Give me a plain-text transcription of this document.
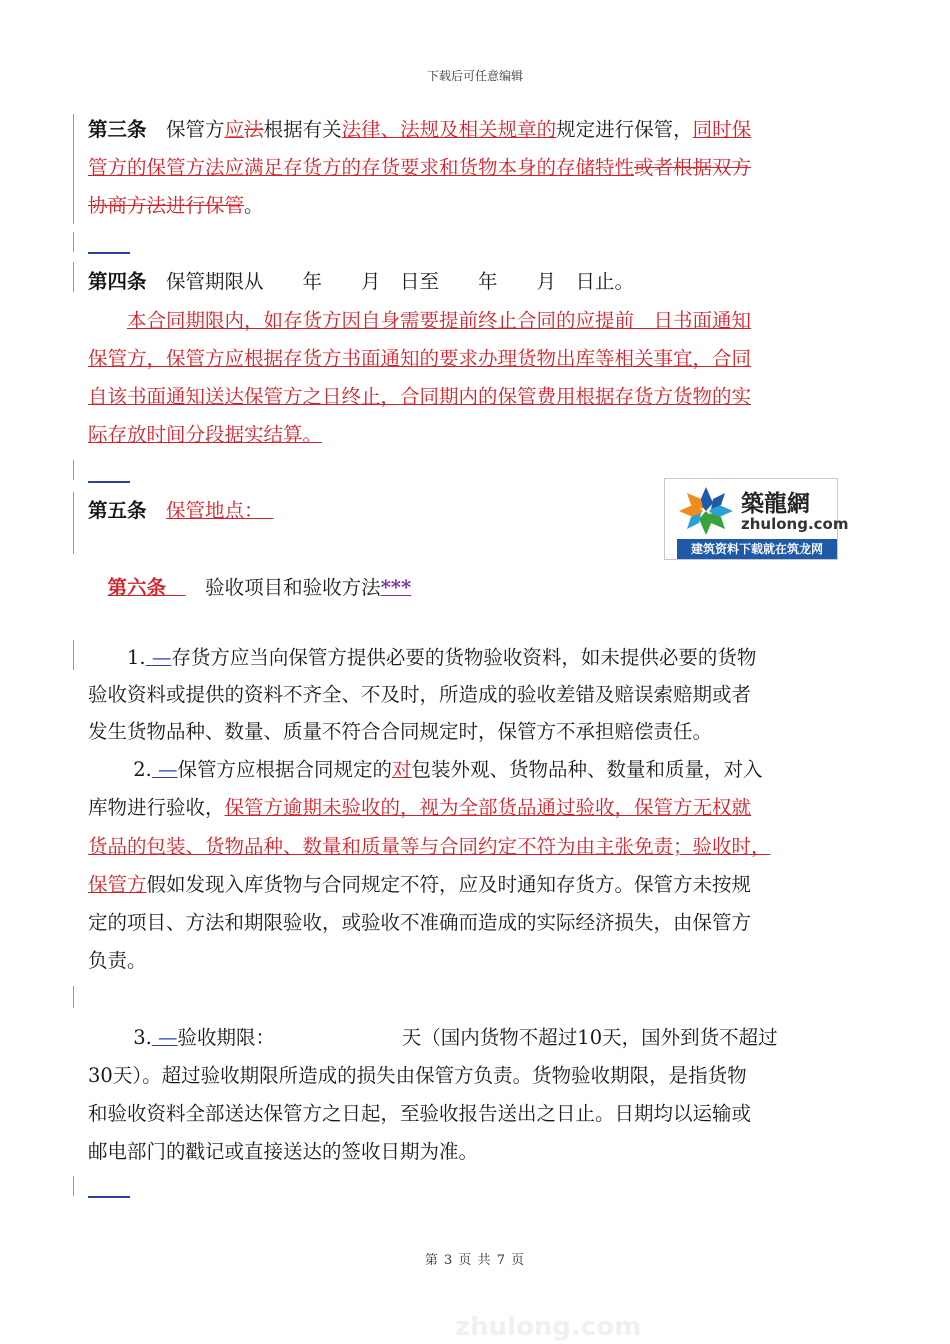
下载后可任意编辑
第三条　 保管方应法根据有关法律、法规及相关规章的规定进行保管，同时保
管方的保管方法应满足存货方的存货要求和货物本身的存储特性或者根据双方
协商方法进行保管。
第四条　 保管期限从　　年　　月　日至　　年　　月　日止。
　　本合同期限内，如存货方因自身需要提前终止合同的应提前　日书面通知
保管方，保管方应根据存货方书面通知的要求办理货物出库等相关事宜，合同
自该书面通知送达保管方之日终止，合同期内的保管费用根据存货方货物的实
际存放时间分段据实结算。
第五条　 保管地点：　	築龍網
zhulong.com
建筑资料下载就在筑龙网
　第六条　　 验收项目和验收方法***
　　1. —存货方应当向保管方提供必要的货物验收资料，如未提供必要的货物
验收资料或提供的资料不齐全、不及时，所造成的验收差错及赔误索赔期或者
发生货物品种、数量、质量不符合合同规定时，保管方不承担赔偿责任。
　　 2. —保管方应根据合同规定的对包装外观、货物品种、数量和质量，对入
库物进行验收，保管方逾期未验收的，视为全部货品通过验收，保管方无权就
货品的包装、货物品种、数量和质量等与合同约定不符为由主张免责；验收时，
保管方假如发现入库货物与合同规定不符，应及时通知存货方。保管方未按规
定的项目、方法和期限验收，或验收不准确而造成的实际经济损失，由保管方
负责。
　　 3. —验收期限：　　　　　　　	天（国内货物不超过10天，国外到货不超过
30天）。超过验收期限所造成的损失由保管方负责。货物验收期限，是指货物
和验收资料全部送达保管方之日起，至验收报告送出之日止。日期均以运输或
邮电部门的戳记或直接送达的签收日期为准。
第 3 页 共 7 页
zhulong.com
